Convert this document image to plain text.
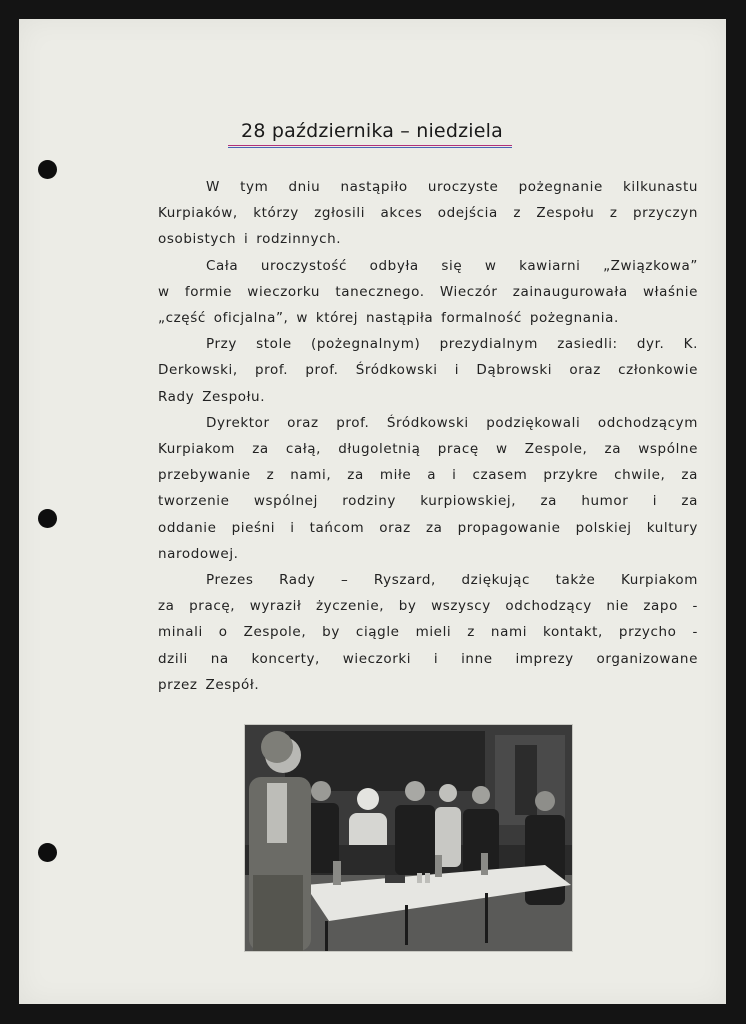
28 października – niedziela

W tym dniu nastąpiło uroczyste pożegnanie kilkunastu

Kurpiaków, którzy zgłosili akces odejścia z Zespołu z przyczyn

osobistych i rodzinnych.

Cała uroczystość odbyła się w kawiarni „Związkowa”

w formie wieczorku tanecznego. Wieczór zainaugurowała właśnie

„część oficjalna”, w której nastąpiła formalność pożegnania.

Przy stole (pożegnalnym) prezydialnym zasiedli: dyr. K.

Derkowski, prof. prof. Śródkowski i Dąbrowski oraz członkowie

Rady Zespołu.

Dyrektor oraz prof. Śródkowski podziękowali odchodzącym

Kurpiakom za całą, długoletnią pracę w Zespole, za wspólne

przebywanie z nami, za miłe a i czasem przykre chwile, za

tworzenie wspólnej rodziny kurpiowskiej, za humor i za

oddanie pieśni i tańcom oraz za propagowanie polskiej kultury

narodowej.

Prezes Rady – Ryszard, dziękując także Kurpiakom

za pracę, wyraził życzenie, by wszyscy odchodzący nie zapo -

minali o Zespole, by ciągle mieli z nami kontakt, przycho -

dzili na koncerty, wieczorki i inne imprezy organizowane

przez Zespół.
